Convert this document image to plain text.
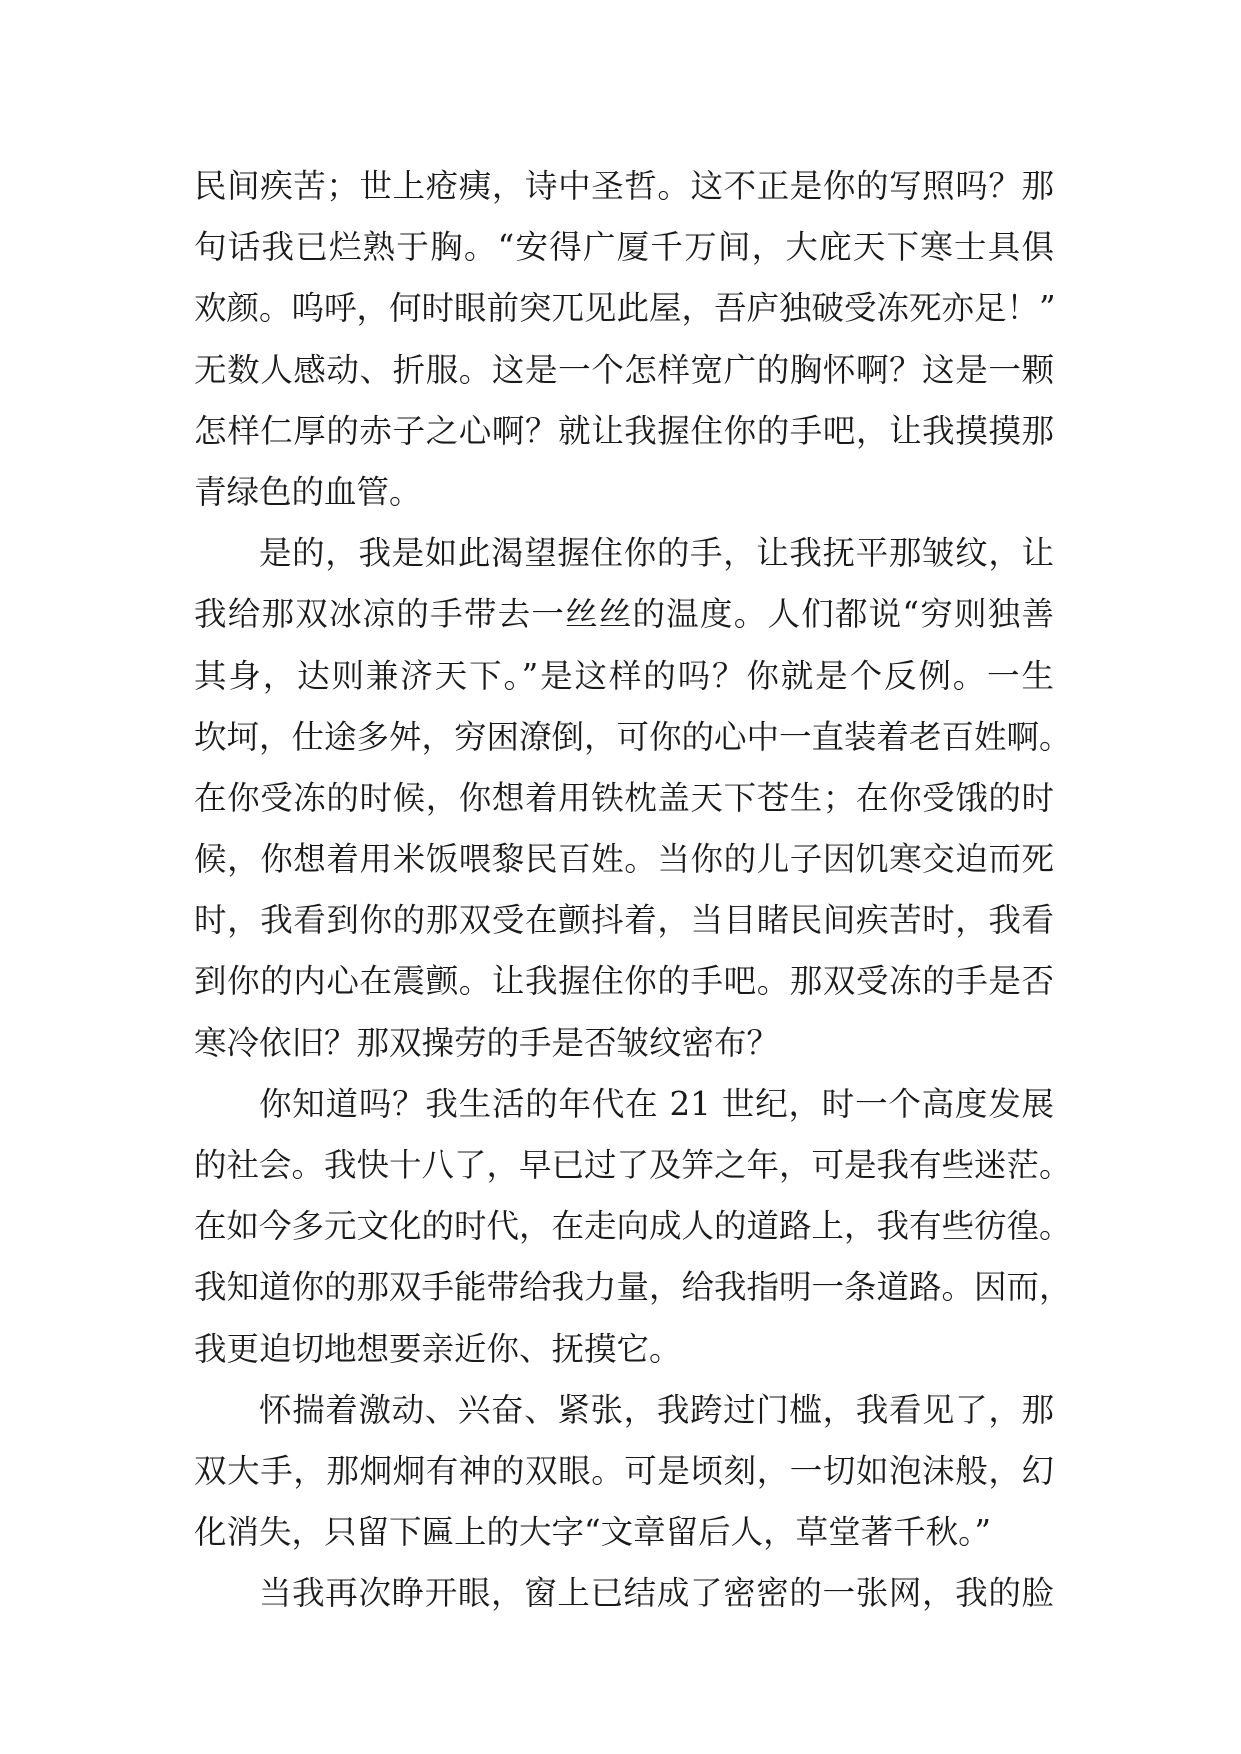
民间疾苦；世上疮痍，诗中圣哲。这不正是你的写照吗？那
句话我已烂熟于胸。“安得广厦千万间，大庇天下寒士具俱
欢颜。呜呼，何时眼前突兀见此屋，吾庐独破受冻死亦足！”
无数人感动、折服。这是一个怎样宽广的胸怀啊？这是一颗
怎样仁厚的赤子之心啊？就让我握住你的手吧，让我摸摸那
青绿色的血管。
是的，我是如此渴望握住你的手，让我抚平那皱纹，让
我给那双冰凉的手带去一丝丝的温度。人们都说“穷则独善
其身，达则兼济天下。”是这样的吗？你就是个反例。一生
坎坷，仕途多舛，穷困潦倒，可你的心中一直装着老百姓啊。
在你受冻的时候，你想着用铁枕盖天下苍生；在你受饿的时
候，你想着用米饭喂黎民百姓。当你的儿子因饥寒交迫而死
时，我看到你的那双受在颤抖着，当目睹民间疾苦时，我看
到你的内心在震颤。让我握住你的手吧。那双受冻的手是否
寒冷依旧？那双操劳的手是否皱纹密布？
你知道吗？我生活的年代在 21 世纪，时一个高度发展
的社会。我快十八了，早已过了及笄之年，可是我有些迷茫。
在如今多元文化的时代，在走向成人的道路上，我有些彷徨。
我知道你的那双手能带给我力量，给我指明一条道路。因而，
我更迫切地想要亲近你、抚摸它。
怀揣着激动、兴奋、紧张，我跨过门槛，我看见了，那
双大手，那炯炯有神的双眼。可是顷刻，一切如泡沫般，幻
化消失，只留下匾上的大字“文章留后人，草堂著千秋。”
当我再次睁开眼，窗上已结成了密密的一张网，我的脸
